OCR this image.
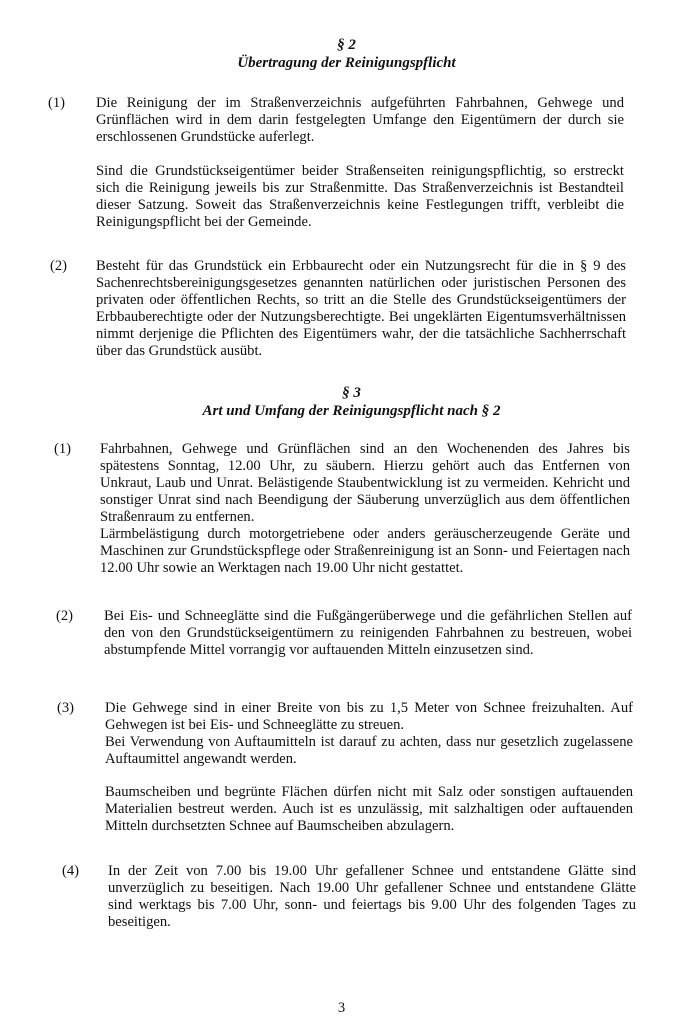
§ 2
Übertragung der Reinigungspflicht
(1) Die Reinigung der im Straßenverzeichnis aufgeführten Fahrbahnen, Gehwege und Grünflächen wird in dem darin festgelegten Umfange den Eigentümern der durch sie erschlossenen Grundstücke auferlegt.

Sind die Grundstückseigentümer beider Straßenseiten reinigungspflichtig, so erstreckt sich die Reinigung jeweils bis zur Straßenmitte. Das Straßenverzeichnis ist Bestandteil dieser Satzung. Soweit das Straßenverzeichnis keine Festlegungen trifft, verbleibt die Reinigungspflicht bei der Gemeinde.

(2) Besteht für das Grundstück ein Erbbaurecht oder ein Nutzungsrecht für die in § 9 des Sachenrechtsbereinigungsgesetzes genannten natürlichen oder juristischen Personen des privaten oder öffentlichen Rechts, so tritt an die Stelle des Grundstückseigentümers der Erbbauberechtigte oder der Nutzungsberechtigte. Bei ungeklärten Eigentumsverhältnissen nimmt derjenige die Pflichten des Eigentümers wahr, der die tatsächliche Sachherrschaft über das Grundstück ausübt.

§ 3
Art und Umfang der Reinigungspflicht nach § 2
(1) Fahrbahnen, Gehwege und Grünflächen sind an den Wochenenden des Jahres bis spätestens Sonntag, 12.00 Uhr, zu säubern. Hierzu gehört auch das Entfernen von Unkraut, Laub und Unrat. Belästigende Staubentwicklung ist zu vermeiden. Kehricht und sonstiger Unrat sind nach Beendigung der Säuberung unverzüglich aus dem öffentlichen Straßenraum zu entfernen.

Lärmbelästigung durch motorgetriebene oder anders geräuscherzeugende Geräte und Maschinen zur Grundstückspflege oder Straßenreinigung ist an Sonn- und Feiertagen nach 12.00 Uhr sowie an Werktagen nach 19.00 Uhr nicht gestattet.

(2) Bei Eis- und Schneeglätte sind die Fußgängerüberwege und die gefährlichen Stellen auf den von den Grundstückseigentümern zu reinigenden Fahrbahnen zu bestreuen, wobei abstumpfende Mittel vorrangig vor auftauenden Mitteln einzusetzen sind.

(3) Die Gehwege sind in einer Breite von bis zu 1,5 Meter von Schnee freizuhalten. Auf Gehwegen ist bei Eis- und Schneeglätte zu streuen.

Bei Verwendung von Auftaumitteln ist darauf zu achten, dass nur gesetzlich zugelassene Auftaumittel angewandt werden.

Baumscheiben und begrünte Flächen dürfen nicht mit Salz oder sonstigen auftauenden Materialien bestreut werden. Auch ist es unzulässig, mit salzhaltigen oder auftauenden Mitteln durchsetzten Schnee auf Baumscheiben abzulagern.

(4) In der Zeit von 7.00 bis 19.00 Uhr gefallener Schnee und entstandene Glätte sind unverzüglich zu beseitigen. Nach 19.00 Uhr gefallener Schnee und entstandene Glätte sind werktags bis 7.00 Uhr, sonn- und feiertags bis 9.00 Uhr des folgenden Tages zu beseitigen.

3
